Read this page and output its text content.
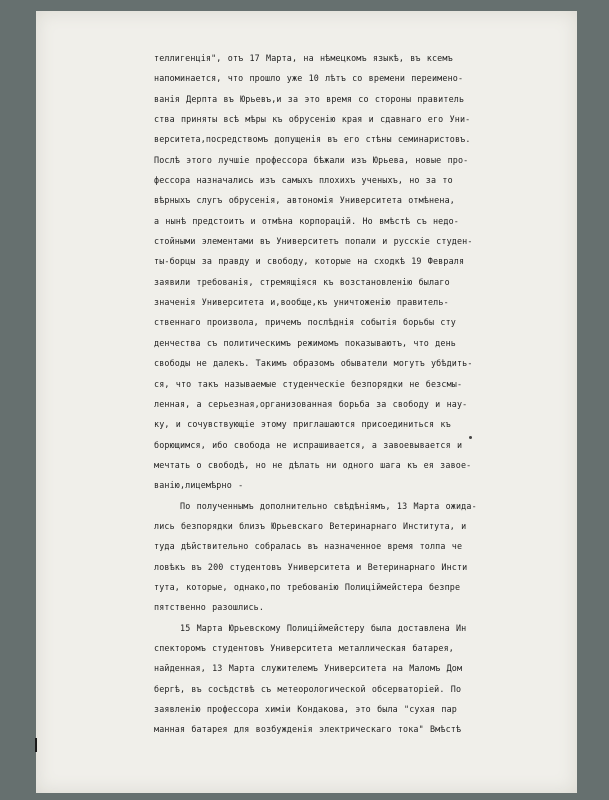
теллигенція", отъ 17 Марта, на нѣмецкомъ языкѣ, въ ксемъ
напоминается, что прошло уже 10 лѣтъ со времени переимено-
ванія Дерпта въ Юрьевъ,и за это время со стороны правитель
ства приняты всѣ мѣры къ обрусенію края и сдавнаго его Уни-
верситета,посредствомъ допущенія въ его стѣны семинаристовъ.
Послѣ этого лучшіе профессора бѣжали изъ Юрьева, новые про-
фессора назначались изъ самыхъ плохихъ ученыхъ, но за то
вѣрныхъ слугъ обрусенія, автономія Университета отмѣнена,
а нынѣ предстоитъ и отмѣна корпорацій. Но вмѣстѣ съ недо-
стойными элементами въ Университетъ попали и русскіе студен-
ты-борцы за правду и свободу, которые на сходкѣ 19 Февраля
заявили требованія, стремящіяся къ возстановленію былаго
значенія Университета и,вообще,къ уничтоженію правитель-
ственнаго произвола, причемъ послѣднія событія борьбы сту
денчества съ политическимъ режимомъ показываютъ, что день
свободы не далекъ. Такимъ образомъ обыватели могутъ убѣдить-
ся, что такъ называемые студенческіе безпорядки не безсмы-
ленная, а серьезная,организованная борьба за свободу и нау-
ку, и сочувствующіе этому приглашаются присоединиться къ
борющимся, ибо свобода не испрашивается, а завоевывается и
мечтать о свободѣ, но не дѣлать ни одного шага къ ея завое-
ванію,лицемѣрно -
По полученнымъ дополнительно свѣдѣніямъ, 13 Марта ожида-
лись безпорядки близъ Юрьевскаго Ветеринарнаго Института, и
туда дѣйствительно собралась въ назначенное время толпа че
ловѣкъ въ 200 студентовъ Университета и Ветеринарнаго Инсти
тута, которые, однако,по требованію Полиціймейстера безпре
пятственно разошлись.
15 Марта Юрьевскому Полиціймейстеру была доставлена Ин
спекторомъ студентовъ Университета металлическая батарея,
найденная, 13 Марта служителемъ Университета на Маломъ Дом
бергѣ, въ сосѣдствѣ съ метеорологической обсерваторіей. По
заявленію профессора химіи Кондакова, это была "сухая пар
манная батарея для возбужденія электрическаго тока" Вмѣстѣ
